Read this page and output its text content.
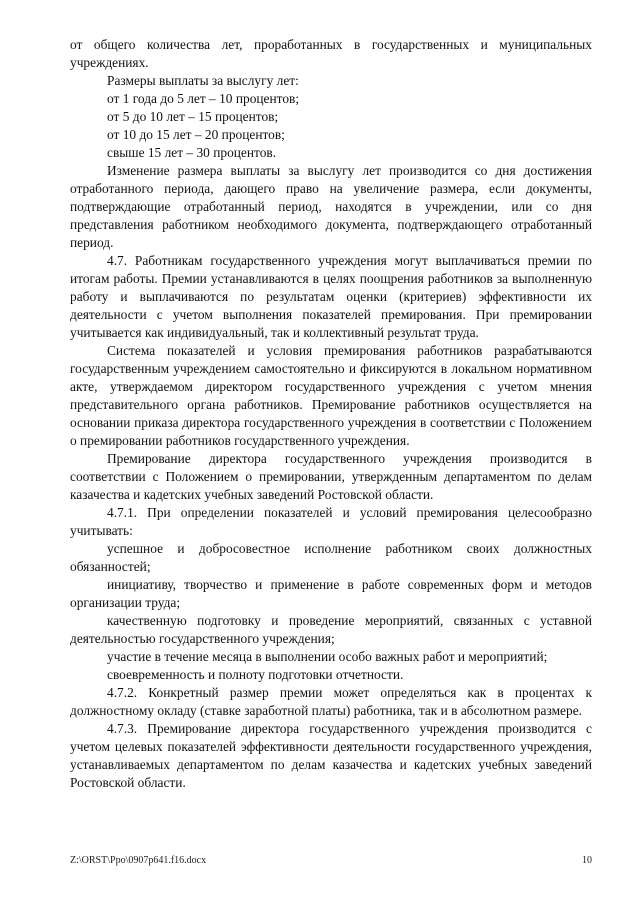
от общего количества лет, проработанных в государственных и муниципальных учреждениях.

Размеры выплаты за выслугу лет:

от 1 года до 5 лет – 10 процентов;

от 5 до 10 лет – 15 процентов;

от 10 до 15 лет – 20 процентов;

свыше 15 лет – 30 процентов.

Изменение размера выплаты за выслугу лет производится со дня достижения отработанного периода, дающего право на увеличение размера, если документы, подтверждающие отработанный период, находятся в учреждении, или со дня представления работником необходимого документа, подтверждающего отработанный период.

4.7. Работникам государственного учреждения могут выплачиваться премии по итогам работы. Премии устанавливаются в целях поощрения работников за выполненную работу и выплачиваются по результатам оценки (критериев) эффективности их деятельности с учетом выполнения показателей премирования. При премировании учитывается как индивидуальный, так и коллективный результат труда.

Система показателей и условия премирования работников разрабатываются государственным учреждением самостоятельно и фиксируются в локальном нормативном акте, утверждаемом директором государственного учреждения с учетом мнения представительного органа работников. Премирование работников осуществляется на основании приказа директора государственного учреждения в соответствии с Положением о премировании работников государственного учреждения.

Премирование директора государственного учреждения производится в соответствии с Положением о премировании, утвержденным департаментом по делам казачества и кадетских учебных заведений Ростовской области.

4.7.1. При определении показателей и условий премирования целесообразно учитывать:

успешное и добросовестное исполнение работником своих должностных обязанностей;

инициативу, творчество и применение в работе современных форм и методов организации труда;

качественную подготовку и проведение мероприятий, связанных с уставной деятельностью государственного учреждения;

участие в течение месяца в выполнении особо важных работ и мероприятий;

своевременность и полноту подготовки отчетности.

4.7.2. Конкретный размер премии может определяться как в процентах к должностному окладу (ставке заработной платы) работника, так и в абсолютном размере.

4.7.3. Премирование директора государственного учреждения производится с учетом целевых показателей эффективности деятельности государственного учреждения, устанавливаемых департаментом по делам казачества и кадетских учебных заведений Ростовской области.

Z:\ORST\Ppo\0907p641.f16.docx	10
